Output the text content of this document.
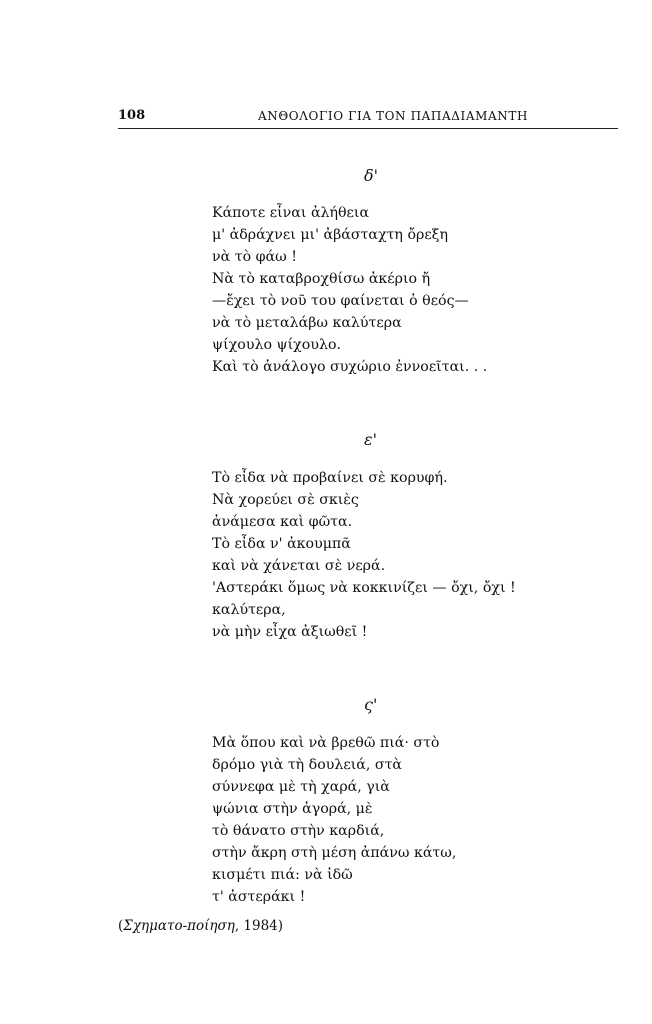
108	ΑΝΘΟΛΟΓΙΟ ΓΙΑ ΤΟΝ ΠΑΠΑΔΙΑΜΑΝΤΗ
δ'
Κάποτε εἶναι ἀλήθεια
μ' ἀδράχνει μι' ἀβάσταχτη ὄρεξη
νὰ τὸ φάω !
Νὰ τὸ καταβροχθίσω ἀκέριο ἤ
—ἔχει τὸ νοῦ του φαίνεται ὁ θεός—
νὰ τὸ μεταλάβω καλύτερα
ψίχουλο ψίχουλο.
Καὶ τὸ ἀνάλογο συχώριο ἐννοεῖται. . .
ε'
Τὸ εἶδα νὰ προβαίνει σὲ κορυφή.
Νὰ χορεύει σὲ σκιὲς
ἀνάμεσα καὶ φῶτα.
Τὸ εἶδα ν' ἀκουμπᾶ
καὶ νὰ χάνεται σὲ νερά.
'Αστεράκι ὅμως νὰ κοκκινίζει — ὄχι, ὄχι !
καλύτερα,
νὰ μὴν εἶχα ἀξιωθεῖ !
ς'
Μὰ ὅπου καὶ νὰ βρεθῶ πιά· στὸ
δρόμο γιὰ τὴ δουλειά, στὰ
σύννεφα μὲ τὴ χαρά, γιὰ
ψώνια στὴν ἀγορά, μὲ
τὸ θάνατο στὴν καρδιά,
στὴν ἄκρη στὴ μέση ἀπάνω κάτω,
κισμέτι πιά: νὰ ἰδῶ
τ' ἀστεράκι !
(Σχηματο-ποίηση, 1984)
